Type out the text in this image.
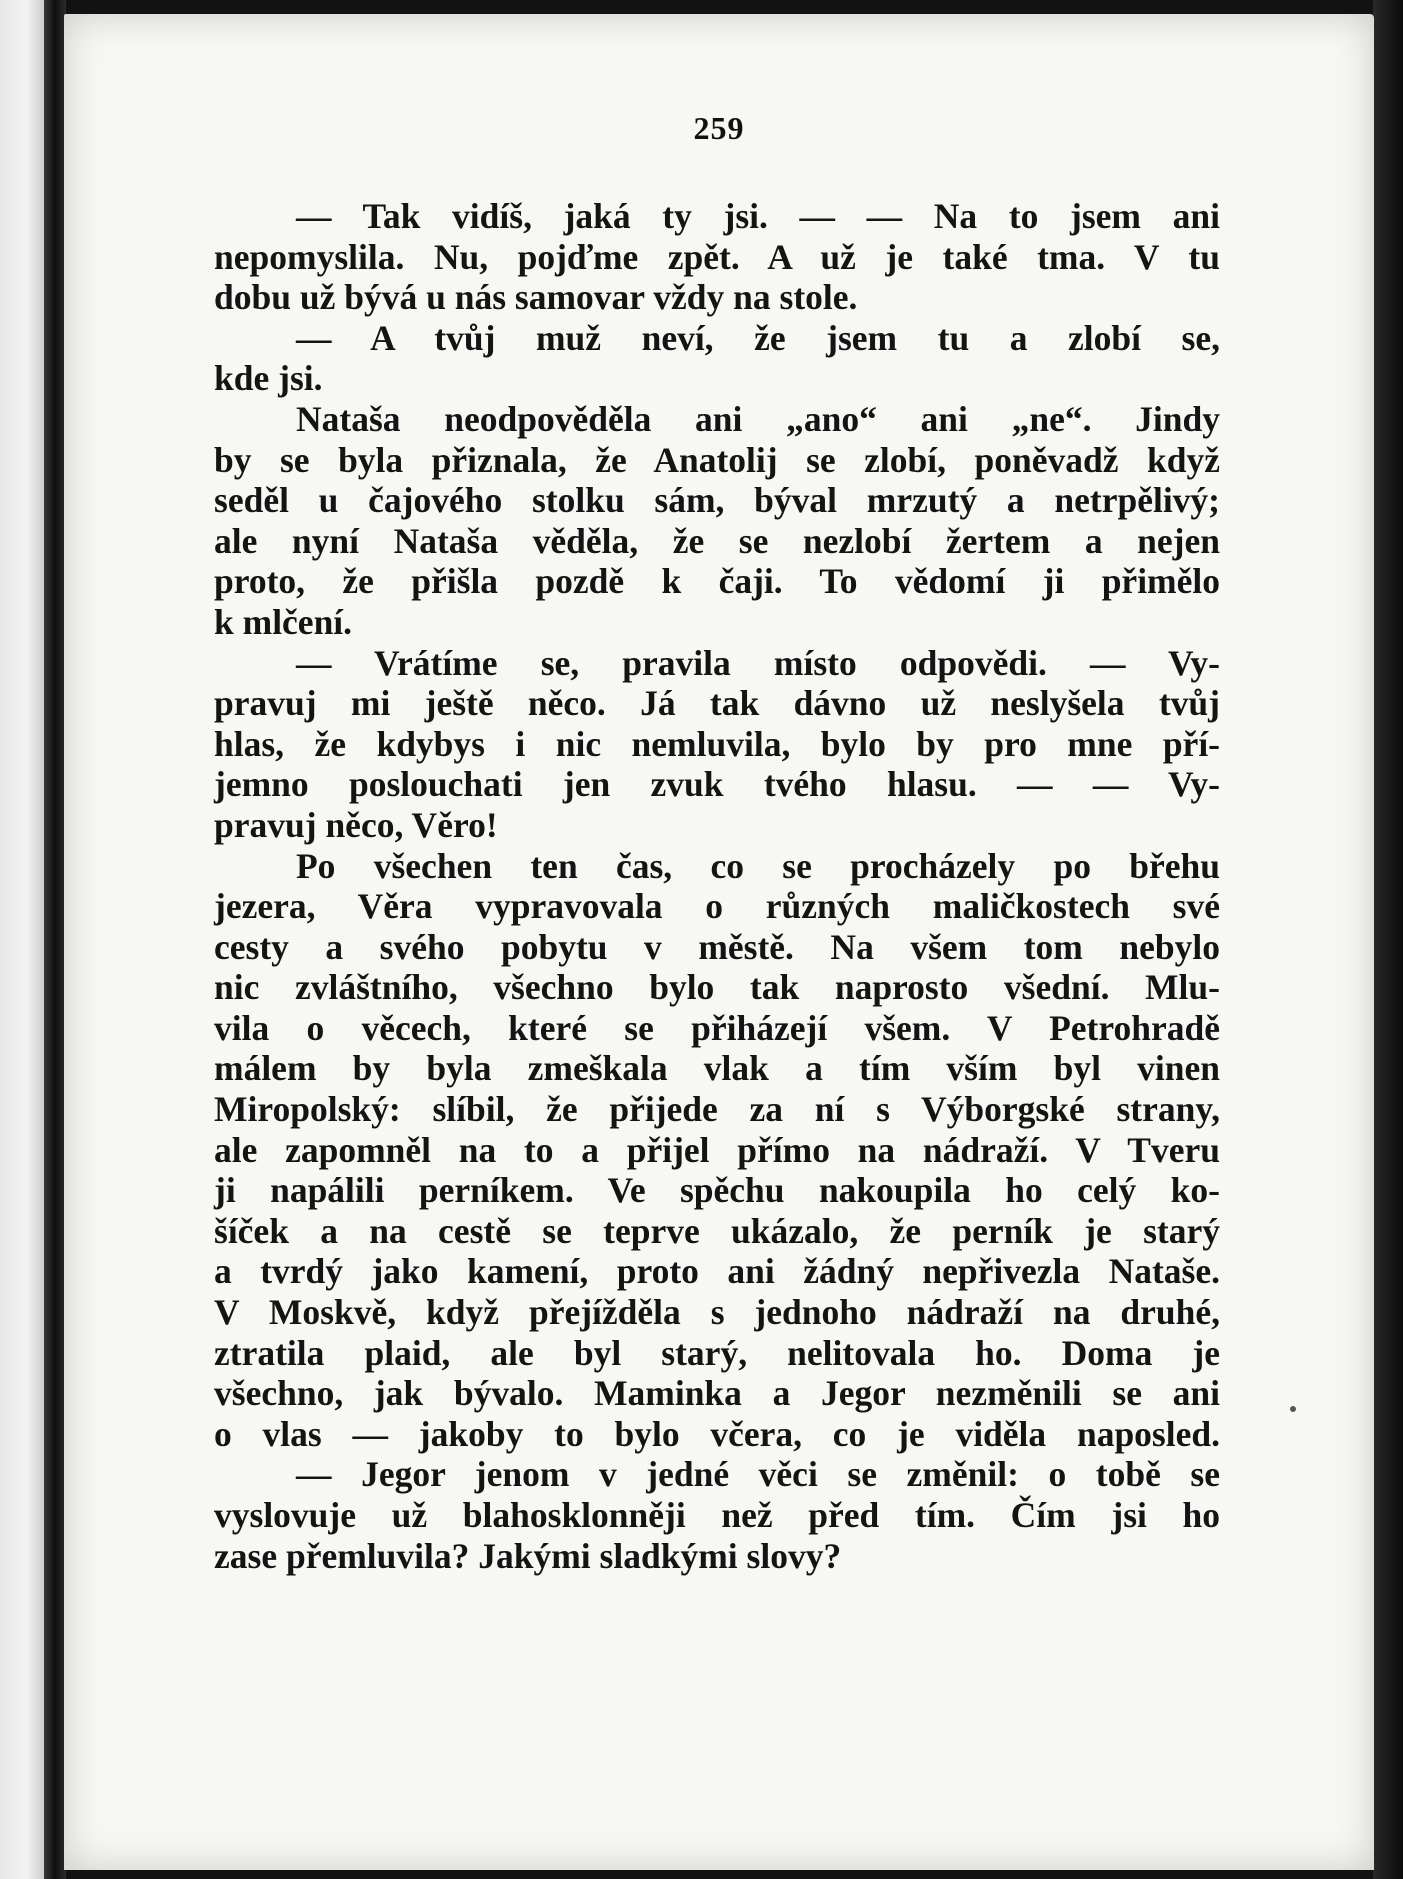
259
— Tak vidíš, jaká ty jsi. — — Na to jsem ani
nepomyslila. Nu, pojďme zpět. A už je také tma. V tu
dobu už bývá u nás samovar vždy na stole.
— A tvůj muž neví, že jsem tu a zlobí se,
kde jsi.
Nataša neodpověděla ani „ano“ ani „ne“. Jindy
by se byla přiznala, že Anatolij se zlobí, poněvadž když
seděl u čajového stolku sám, býval mrzutý a netrpělivý;
ale nyní Nataša věděla, že se nezlobí žertem a nejen
proto, že přišla pozdě k čaji. To vědomí ji přimělo
k mlčení.
— Vrátíme se, pravila místo odpovědi. — Vy-
pravuj mi ještě něco. Já tak dávno už neslyšela tvůj
hlas, že kdybys i nic nemluvila, bylo by pro mne pří-
jemno poslouchati jen zvuk tvého hlasu. — — Vy-
pravuj něco, Věro!
Po všechen ten čas, co se procházely po břehu
jezera, Věra vypravovala o různých maličkostech své
cesty a svého pobytu v městě. Na všem tom nebylo
nic zvláštního, všechno bylo tak naprosto všední. Mlu-
vila o věcech, které se přiházejí všem. V Petrohradě
málem by byla zmeškala vlak a tím vším byl vinen
Miropolský: slíbil, že přijede za ní s Výborgské strany,
ale zapomněl na to a přijel přímo na nádraží. V Tveru
ji napálili perníkem. Ve spěchu nakoupila ho celý ko-
šíček a na cestě se teprve ukázalo, že perník je starý
a tvrdý jako kamení, proto ani žádný nepřivezla Nataše.
V Moskvě, když přejížděla s jednoho nádraží na druhé,
ztratila plaid, ale byl starý, nelitovala ho. Doma je
všechno, jak bývalo. Maminka a Jegor nezměnili se ani
o vlas — jakoby to bylo včera, co je viděla naposled.
— Jegor jenom v jedné věci se změnil: o tobě se
vyslovuje už blahosklonněji než před tím. Čím jsi ho
zase přemluvila? Jakými sladkými slovy?
